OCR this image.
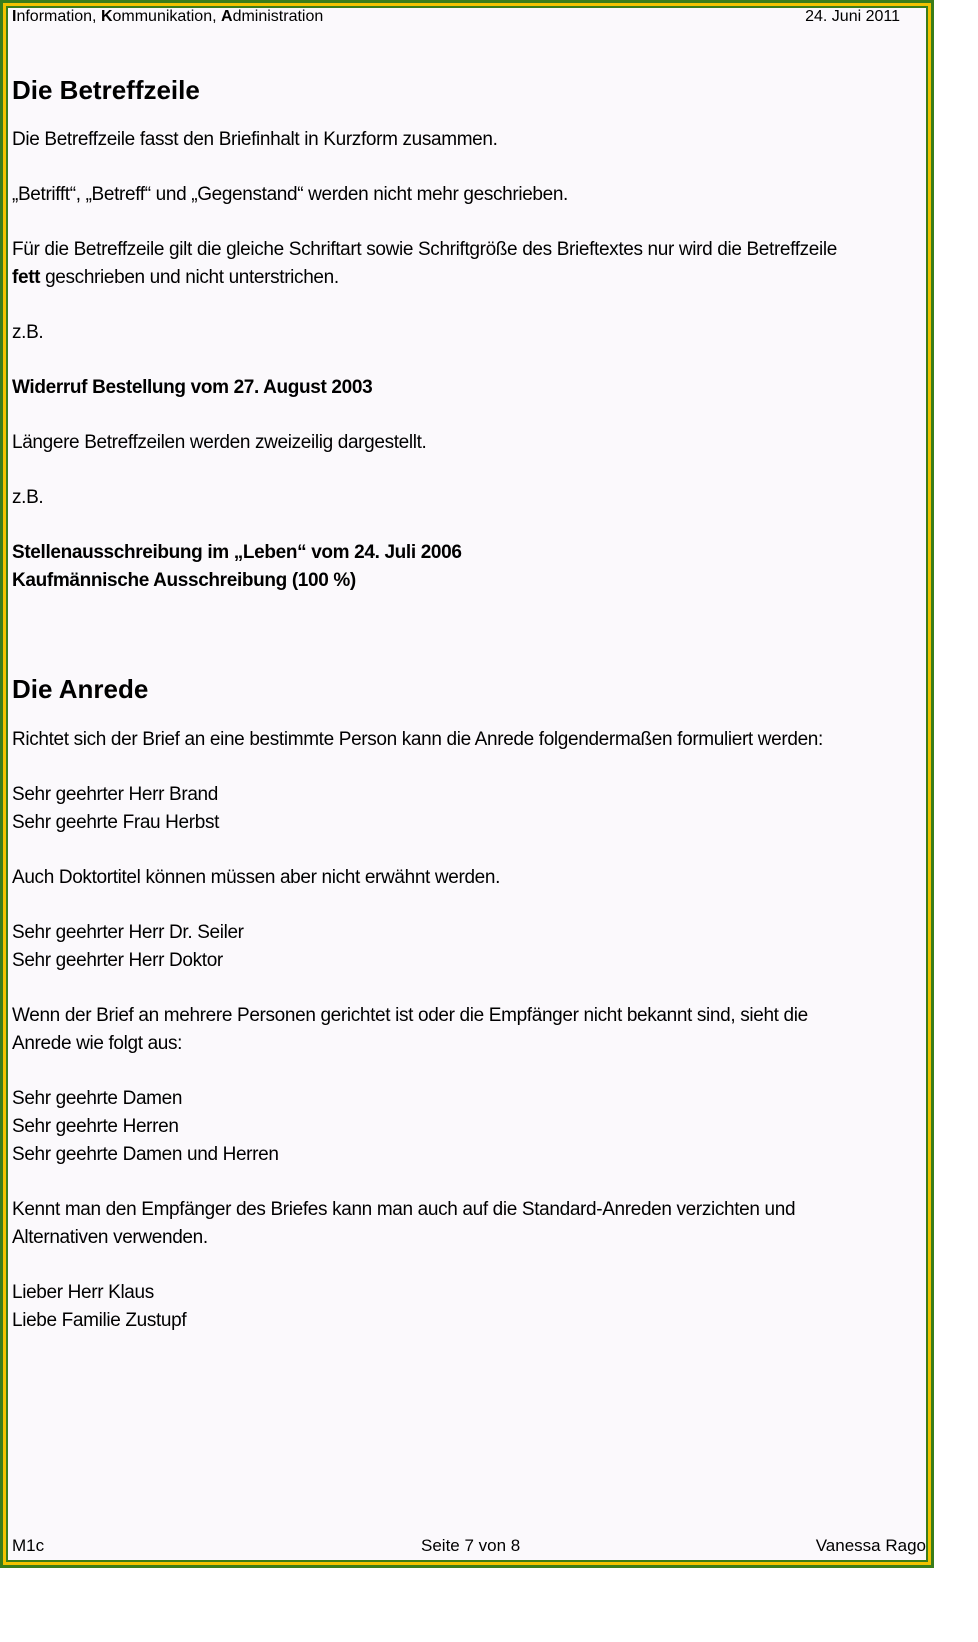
Information, Kommunikation, Administration	24. Juni 2011
Die Betreffzeile

Die Betreffzeile fasst den Briefinhalt in Kurzform zusammen.

„Betrifft“, „Betreff“ und „Gegenstand“ werden nicht mehr geschrieben.

Für die Betreffzeile gilt die gleiche Schriftart sowie Schriftgröße des Brieftextes nur wird die Betreffzeile
fett geschrieben und nicht unterstrichen.

z.B.

Widerruf Bestellung vom 27. August 2003

Längere Betreffzeilen werden zweizeilig dargestellt.

z.B.

Stellenausschreibung im „Leben“ vom 24. Juli 2006
Kaufmännische Ausschreibung (100 %)

Die Anrede

Richtet sich der Brief an eine bestimmte Person kann die Anrede folgendermaßen formuliert werden:

Sehr geehrter Herr Brand
Sehr geehrte Frau Herbst

Auch Doktortitel können müssen aber nicht erwähnt werden.

Sehr geehrter Herr Dr. Seiler
Sehr geehrter Herr Doktor

Wenn der Brief an mehrere Personen gerichtet ist oder die Empfänger nicht bekannt sind, sieht die
Anrede wie folgt aus:

Sehr geehrte Damen
Sehr geehrte Herren
Sehr geehrte Damen und Herren

Kennt man den Empfänger des Briefes kann man auch auf die Standard-Anreden verzichten und
Alternativen verwenden.

Lieber Herr Klaus
Liebe Familie Zustupf

M1c	Seite 7 von 8	Vanessa Rago
